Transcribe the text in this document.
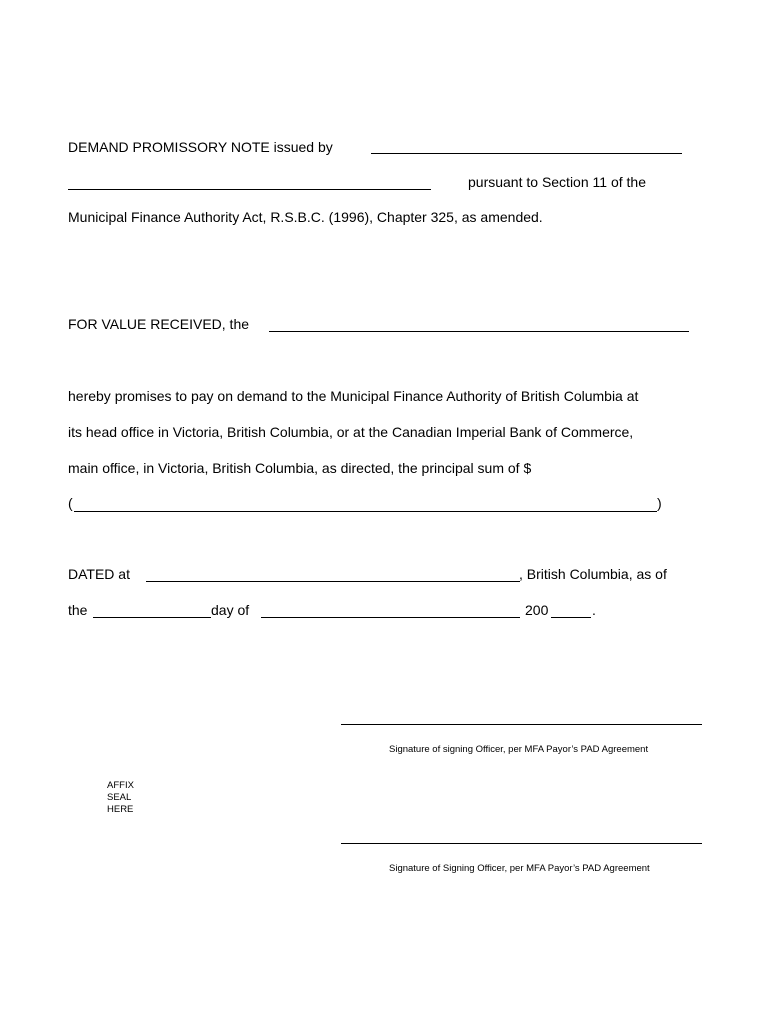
DEMAND PROMISSORY NOTE issued by
pursuant to Section 11 of the
Municipal Finance Authority Act, R.S.B.C. (1996), Chapter 325, as amended.
FOR VALUE RECEIVED, the
hereby promises to pay on demand to the Municipal Finance Authority of British Columbia at
its head office in Victoria, British Columbia, or at the Canadian Imperial Bank of Commerce,
main office, in Victoria, British Columbia, as directed, the principal sum of $
(	)
DATED at	, British Columbia, as of
the	day of	200	.
Signature of signing Officer, per MFA Payor’s PAD Agreement
AFFIX
SEAL
HERE
Signature of Signing Officer, per MFA Payor’s PAD Agreement
